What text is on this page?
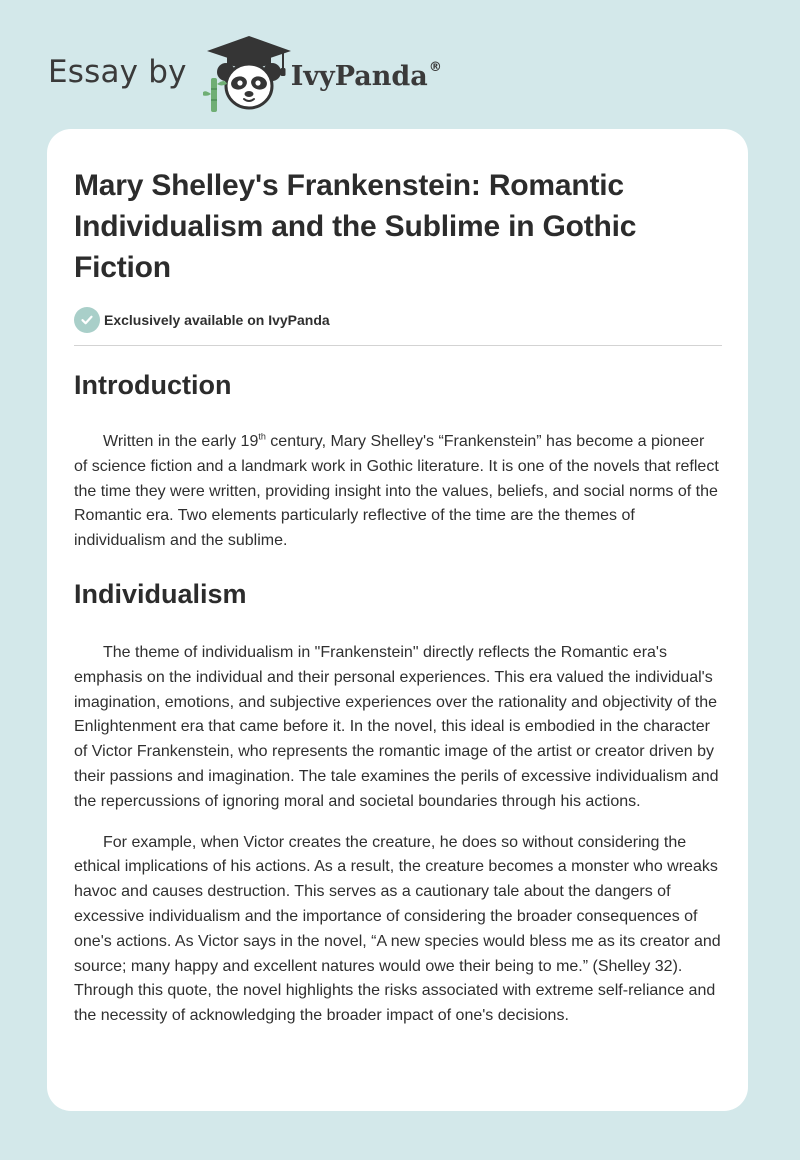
Essay by	IvyPanda®
Mary Shelley's Frankenstein: Romantic Individualism and the Sublime in Gothic Fiction
Exclusively available on IvyPanda
Introduction

Written in the early 19th century, Mary Shelley's “Frankenstein” has become a pioneer of science fiction and a landmark work in Gothic literature. It is one of the novels that reflect the time they were written, providing insight into the values, beliefs, and social norms of the Romantic era. Two elements particularly reflective of the time are the themes of individualism and the sublime.

Individualism

The theme of individualism in "Frankenstein" directly reflects the Romantic era's emphasis on the individual and their personal experiences. This era valued the individual's imagination, emotions, and subjective experiences over the rationality and objectivity of the Enlightenment era that came before it. In the novel, this ideal is embodied in the character of Victor Frankenstein, who represents the romantic image of the artist or creator driven by their passions and imagination. The tale examines the perils of excessive individualism and the repercussions of ignoring moral and societal boundaries through his actions.

For example, when Victor creates the creature, he does so without considering the ethical implications of his actions. As a result, the creature becomes a monster who wreaks havoc and causes destruction. This serves as a cautionary tale about the dangers of excessive individualism and the importance of considering the broader consequences of one's actions. As Victor says in the novel, “A new species would bless me as its creator and source; many happy and excellent natures would owe their being to me.” (Shelley 32). Through this quote, the novel highlights the risks associated with extreme self-reliance and the necessity of acknowledging the broader impact of one's decisions.
